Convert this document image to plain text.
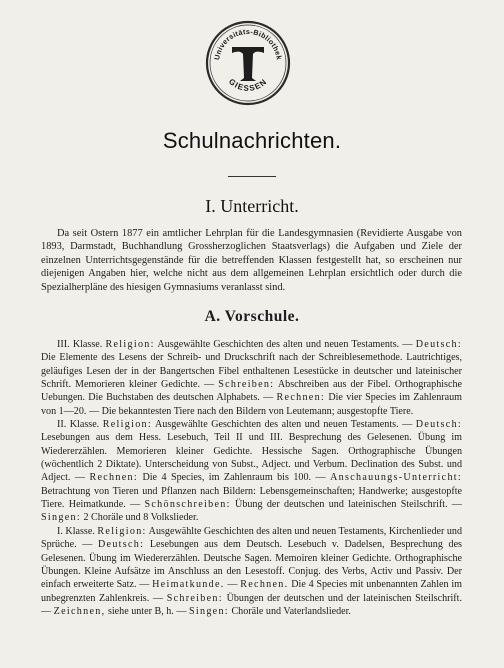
Universitäts-Bibliothek
GIESSEN
Schulnachrichten.
I. Unterricht.
Da seit Ostern 1877 ein amtlicher Lehrplan für die Landesgymnasien (Revidierte Ausgabe von 1893, Darmstadt, Buchhandlung Grossherzoglichen Staatsverlags) die Aufgaben und Ziele der einzelnen Unterrichtsgegenstände für die betreffenden Klassen festgestellt hat, so erscheinen nur diejenigen Angaben hier, welche nicht aus dem allgemeinen Lehrplan ersichtlich oder durch die Spezialherpläne des hiesigen Gymnasiums veranlasst sind.
A. Vorschule.

III. Klasse. Religion: Ausgewählte Geschichten des alten und neuen Testaments. — Deutsch: Die Elemente des Lesens der Schreib- und Druckschrift nach der Schreiblesemethode. Lautrichtiges, geläufiges Lesen der in der Bangertschen Fibel enthaltenen Lesestücke in deutscher und lateinischer Schrift. Memorieren kleiner Gedichte. — Schreiben: Abschreiben aus der Fibel. Orthographische Uebungen. Die Buchstaben des deutschen Alphabets. — Rechnen: Die vier Species im Zahlenraum von 1—20. — Die bekanntesten Tiere nach den Bildern von Leutemann; ausgestopfte Tiere.

II. Klasse. Religion: Ausgewählte Geschichten des alten und neuen Testaments. — Deutsch: Lesebungen aus dem Hess. Lesebuch, Teil II und III. Besprechung des Gelesenen. Übung im Wiedererzählen. Memorieren kleiner Gedichte. Hessische Sagen. Orthographische Übungen (wöchentlich 2 Diktate). Unterscheidung von Subst., Adject. und Verbum. Declination des Subst. und Adject. — Rechnen: Die 4 Species, im Zahlenraum bis 100. — Anschauungs-Unterricht: Betrachtung von Tieren und Pflanzen nach Bildern: Lebensgemeinschaften; Handwerke; ausgestopfte Tiere. Heimatkunde. — Schönschreiben: Übung der deutschen und lateinischen Steilschrift. — Singen: 2 Choräle und 8 Volkslieder.

I. Klasse. Religion: Ausgewählte Geschichten des alten und neuen Testaments, Kirchenlieder und Sprüche. — Deutsch: Lesebungen aus dem Deutsch. Lesebuch v. Dadelsen, Besprechung des Gelesenen. Übung im Wiedererzählen. Deutsche Sagen. Memoiren kleiner Gedichte. Orthographische Übungen. Kleine Aufsätze im Anschluss an den Lesestoff. Conjug. des Verbs, Activ und Passiv. Der einfach erweiterte Satz. — Heimatkunde. — Rechnen. Die 4 Species mit unbenannten Zahlen im unbegrenzten Zahlenkreis. — Schreiben: Übungen der deutschen und der lateinischen Steilschrift. — Zeichnen, siehe unter B, h. — Singen: Choräle und Vaterlandslieder.
